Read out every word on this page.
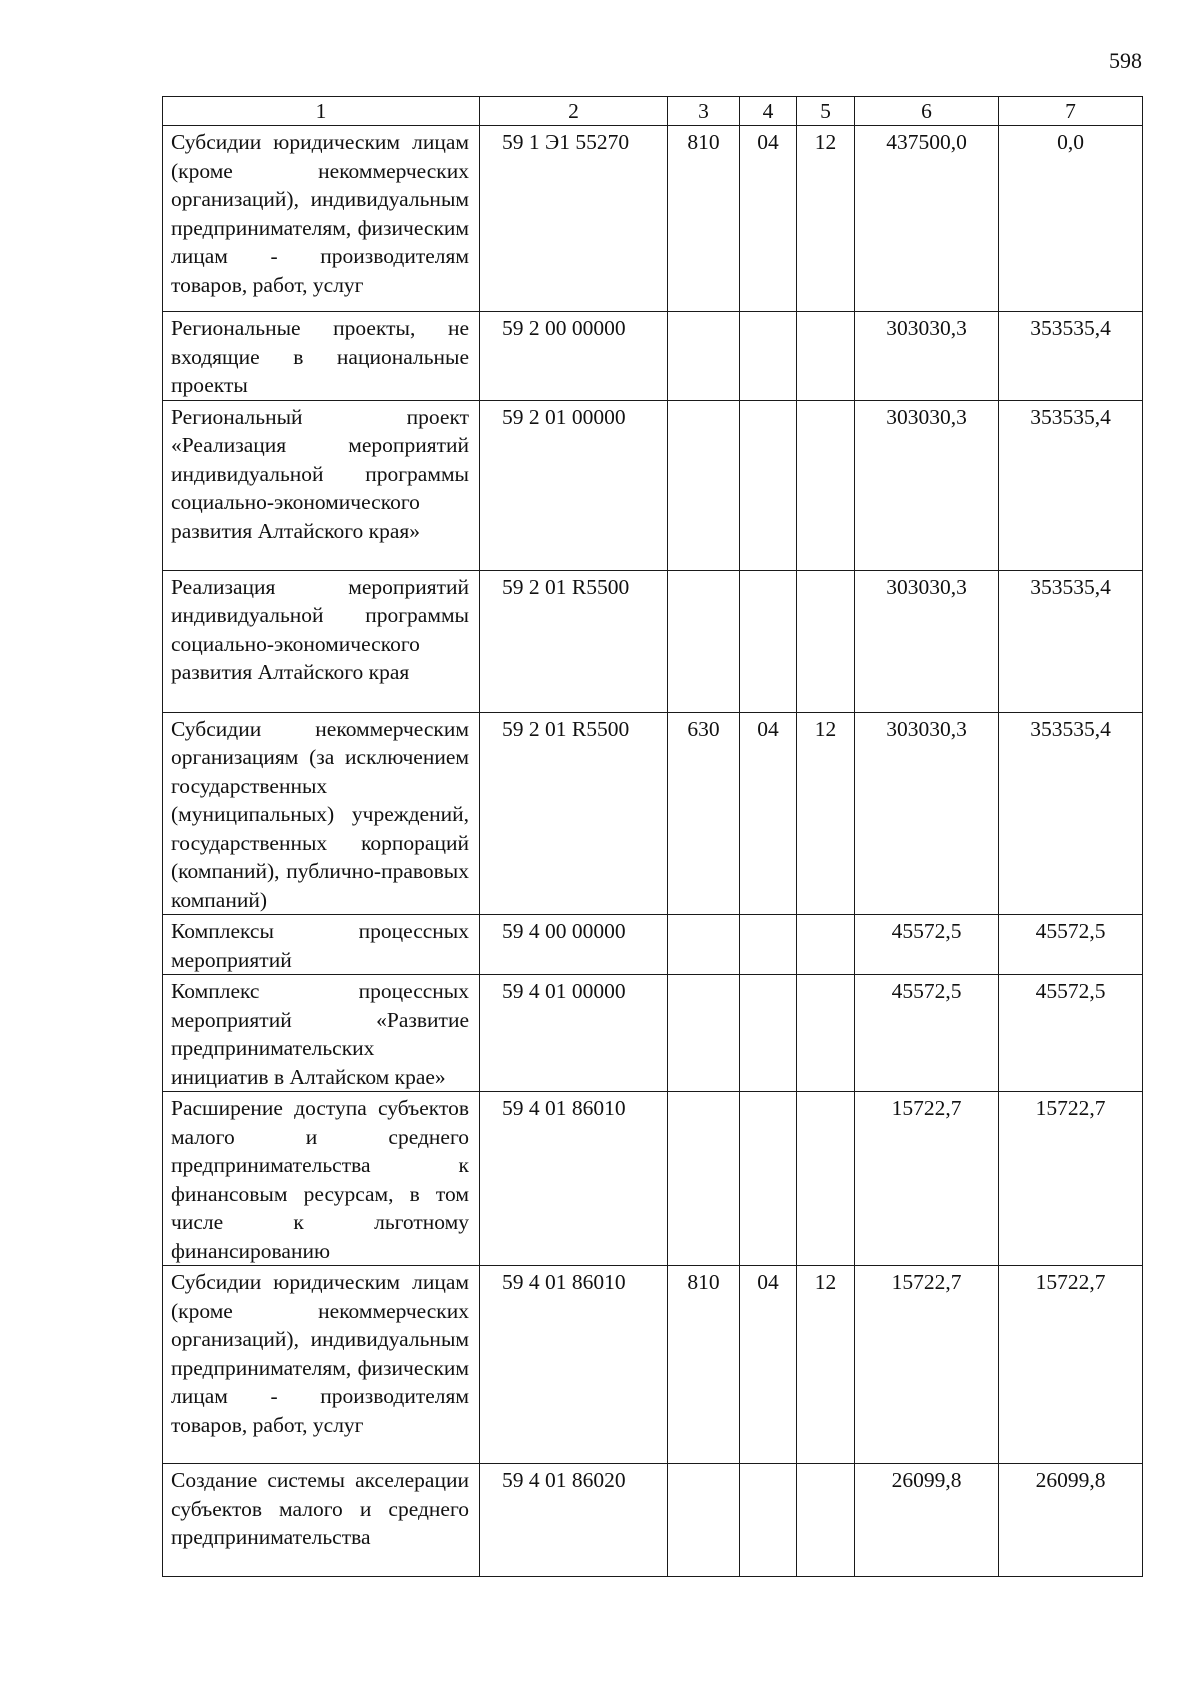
598
1	2	3	4	5	6	7
Субсидии юридическим лицам (кроме некоммерческих организаций), индивидуальным предпринимателям, физическим лицам - производителям товаров, работ, услуг	59 1 Э1 55270	810	04	12	437500,0	0,0
Региональные проекты, не входящие в национальные проекты	59 2 00 00000				303030,3	353535,4
Региональный проект «Реализация мероприятий индивидуальной программы социально-экономического развития Алтайского края»	59 2 01 00000				303030,3	353535,4
Реализация мероприятий индивидуальной программы социально-экономического развития Алтайского края	59 2 01 R5500				303030,3	353535,4
Субсидии некоммерческим организациям (за исключением государственных (муниципальных) учреждений, государственных корпораций (компаний), публично-правовых компаний)	59 2 01 R5500	630	04	12	303030,3	353535,4
Комплексы процессных мероприятий	59 4 00 00000				45572,5	45572,5
Комплекс процессных мероприятий «Развитие предпринимательских инициатив в Алтайском крае»	59 4 01 00000				45572,5	45572,5
Расширение доступа субъектов малого и среднего предпринимательства к финансовым ресурсам, в том числе к льготному финансированию	59 4 01 86010				15722,7	15722,7
Субсидии юридическим лицам (кроме некоммерческих организаций), индивидуальным предпринимателям, физическим лицам - производителям товаров, работ, услуг	59 4 01 86010	810	04	12	15722,7	15722,7
Создание системы акселерации субъектов малого и среднего предпринимательства	59 4 01 86020				26099,8	26099,8
